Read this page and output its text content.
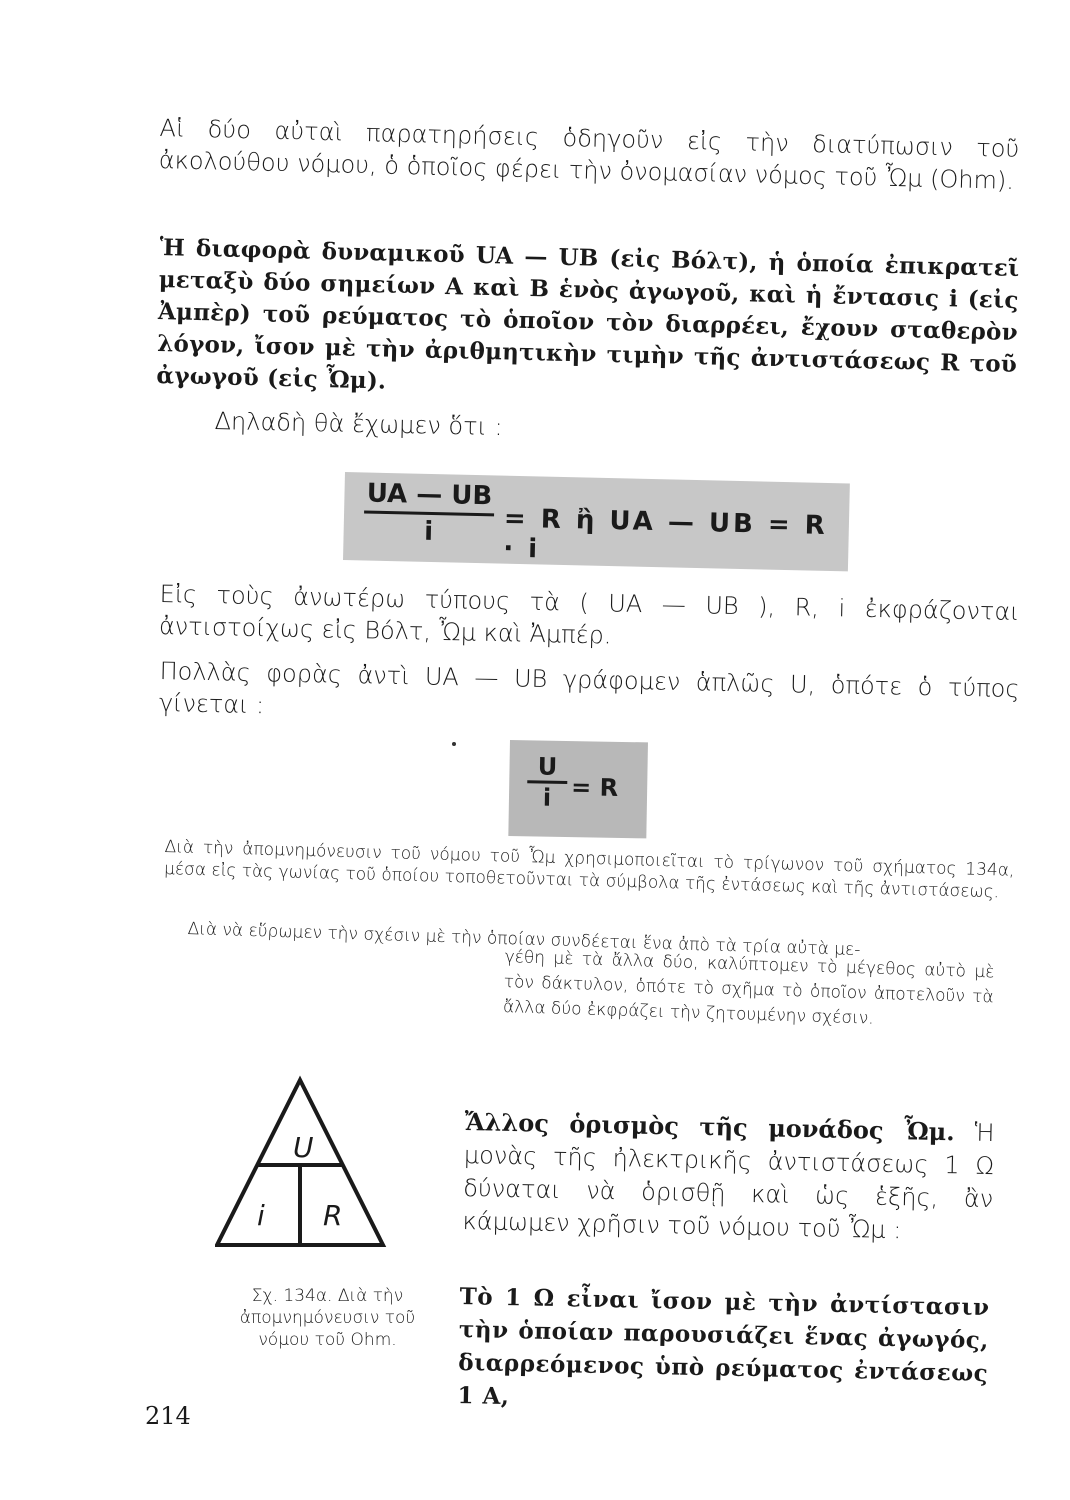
Αἱ δύο αὐταὶ παρατηρήσεις ὁδηγοῦν εἰς τὴν διατύπωσιν τοῦ ἀκολούθου νόμου, ὁ ὁποῖος φέρει τὴν ὀνομασίαν νόμος τοῦ Ὦμ (Ohm).
Ἡ διαφορὰ δυναμικοῦ UA — UB (εἰς Βόλτ), ἡ ὁποία ἐπικρατεῖ μεταξὺ δύο σημείων Α καὶ Β ἑνὸς ἀγωγοῦ, καὶ ἡ ἔντασις i (εἰς Ἀμπὲρ) τοῦ ρεύματος τὸ ὁποῖον τὸν διαρρέει, ἔχουν σταθερὸν λόγον, ἴσον μὲ τὴν ἀριθμητικὴν τιμὴν τῆς ἀντιστάσεως R τοῦ ἀγωγοῦ (εἰς Ὦμ).
Δηλαδὴ θὰ ἔχωμεν ὅτι :
$\frac{UA — UB}{i} = R$ ἢ UA — UB = R · i
Εἰς τοὺς ἀνωτέρω τύπους τὰ ( UA — UB ), R, i ἐκφράζονται ἀντιστοίχως εἰς Βόλτ, Ὦμ καὶ Ἀμπέρ.
Πολλὰς φορὰς ἀντὶ UA — UB γράφομεν ἁπλῶς U, ὁπότε ὁ τύπος γίνεται :
$\frac{U}{i} = R$
Διὰ τὴν ἀπομνημόνευσιν τοῦ νόμου τοῦ Ὦμ χρησιμοποιεῖται τὸ τρίγωνον τοῦ σχήματος 134α, μέσα εἰς τὰς γωνίας τοῦ ὁποίου τοποθετοῦνται τὰ σύμβολα τῆς ἐντάσεως καὶ τῆς ἀντιστάσεως.
Διὰ νὰ εὕρωμεν τὴν σχέσιν μὲ τὴν ὁποίαν συνδέεται ἕνα ἀπὸ τὰ τρία αὐτὰ με-
γέθη μὲ τὰ ἄλλα δύο, καλύπτομεν τὸ μέγεθος αὐτὸ μὲ τὸν δάκτυλον, ὁπότε τὸ σχῆμα τὸ ὁποῖον ἀποτελοῦν τὰ ἄλλα δύο ἐκφράζει τὴν ζητουμένην σχέσιν.
U
i R
Σχ. 134α. Διὰ τὴν ἀπομνημόνευσιν τοῦ νόμου τοῦ Ohm.
Ἄλλος ὁρισμὸς τῆς μονάδος Ὦμ. Ἡ μονὰς τῆς ἠλεκτρικῆς ἀντιστάσεως 1 Ω δύναται νὰ ὁρισθῇ καὶ ὡς ἑξῆς, ἂν κάμωμεν χρῆσιν τοῦ νόμου τοῦ Ὦμ :
Τὸ 1 Ω εἶναι ἴσον μὲ τὴν ἀντίστασιν τὴν ὁποίαν παρουσιάζει ἕνας ἀγωγός, διαρρεόμενος ὑπὸ ρεύματος ἐντάσεως 1 A,
214
